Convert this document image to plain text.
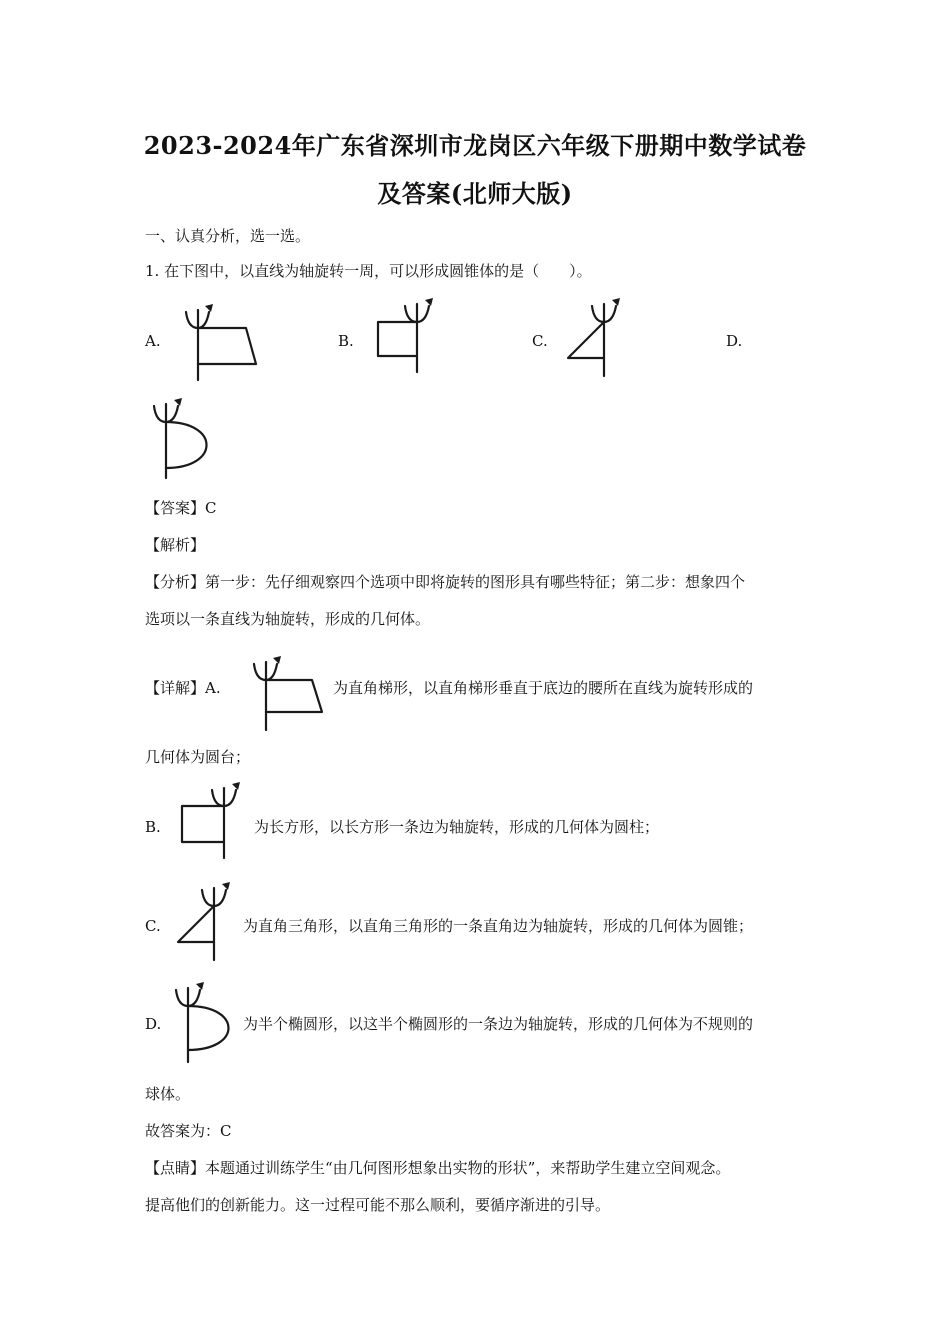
2023-2024年广东省深圳市龙岗区六年级下册期中数学试卷
及答案(北师大版)
一、认真分析，选一选。
1. 在下图中，以直线为轴旋转一周，可以形成圆锥体的是（　　）。
A.	B.	C.	D.
【答案】C
【解析】
【分析】第一步：先仔细观察四个选项中即将旋转的图形具有哪些特征；第二步：想象四个
选项以一条直线为轴旋转，形成的几何体。
【详解】A.	为直角梯形，以直角梯形垂直于底边的腰所在直线为旋转形成的
几何体为圆台；
B.	为长方形，以长方形一条边为轴旋转，形成的几何体为圆柱；
C.	为直角三角形，以直角三角形的一条直角边为轴旋转，形成的几何体为圆锥；
D.	为半个椭圆形，以这半个椭圆形的一条边为轴旋转，形成的几何体为不规则的
球体。
故答案为：C
【点睛】本题通过训练学生“由几何图形想象出实物的形状”，来帮助学生建立空间观念。
提高他们的创新能力。这一过程可能不那么顺利，要循序渐进的引导。
